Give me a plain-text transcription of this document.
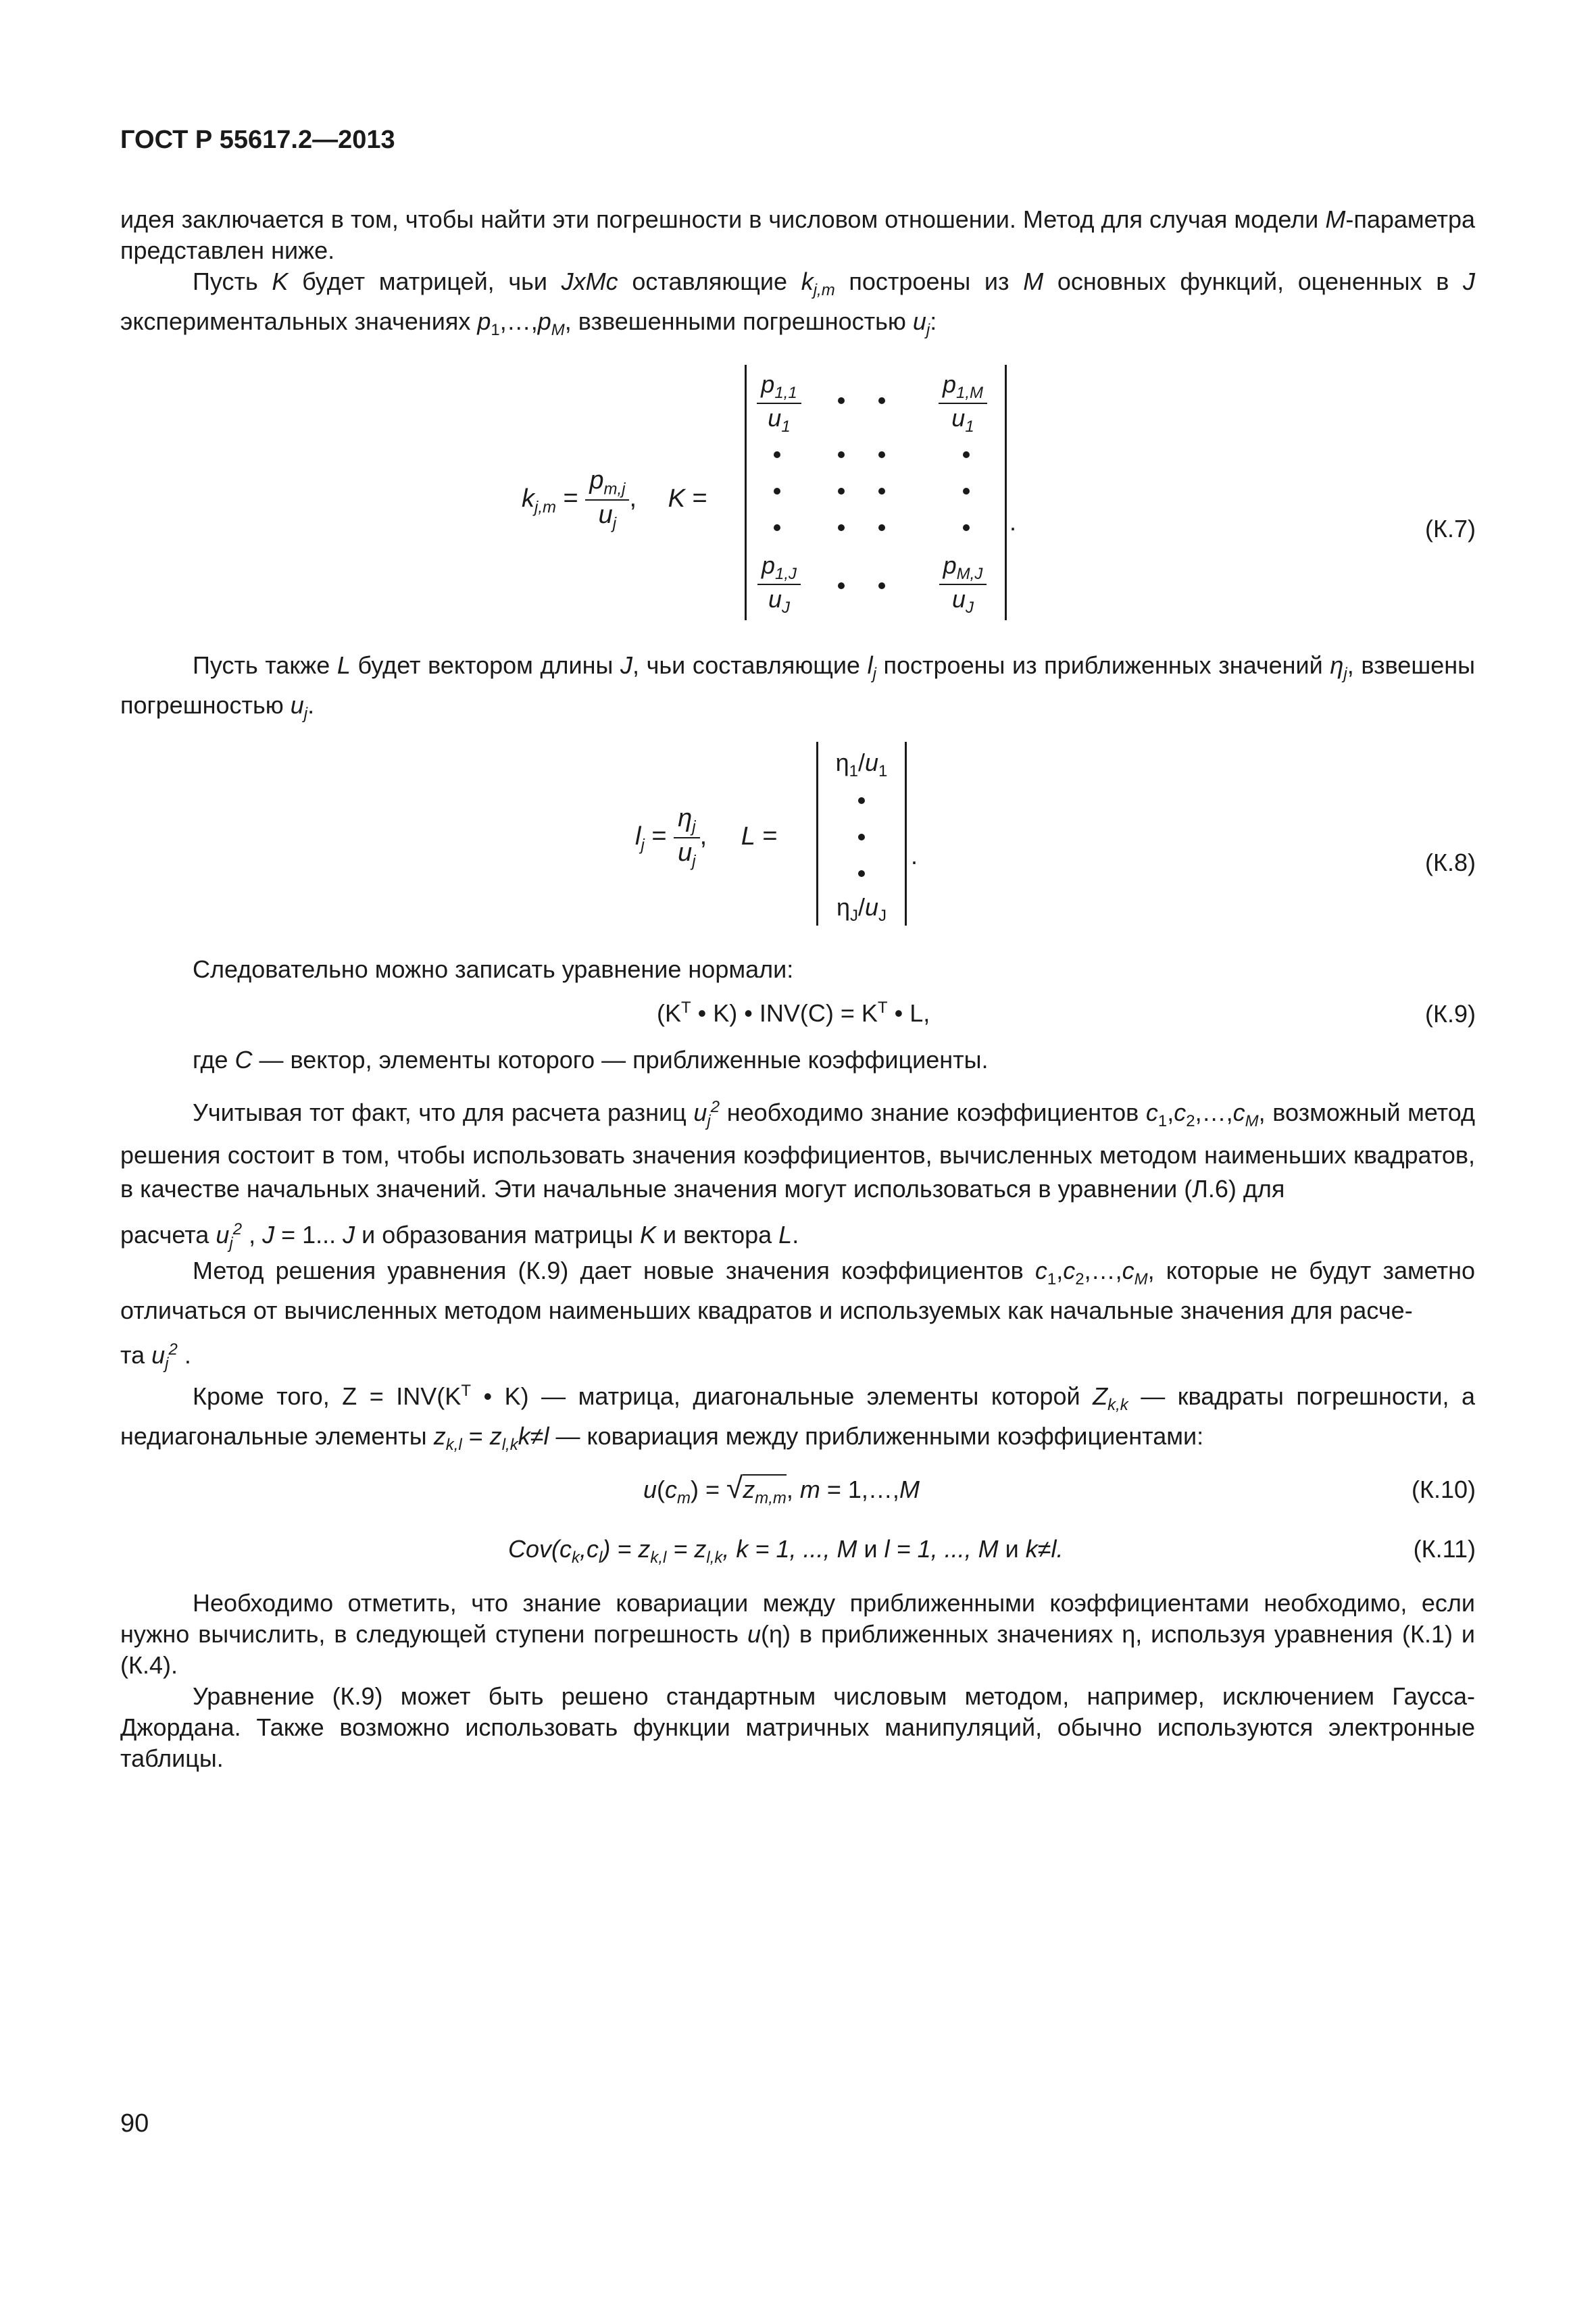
ГОСТ Р 55617.2—2013

идея заключается в том, чтобы найти эти погрешности в числовом отношении. Метод для случая модели M-параметра представлен ниже.

Пусть K будет матрицей, чьи JxMc оставляющие $k_{j,m}$ построены из M основных функций, оцененных в J экспериментальных значениях $p_1,\dots,p_M$, взвешенными погрешностью $u_j$:

$k_{j,m} = \frac{p_{m,j}}{u_j}$ , K =
$\frac{p_{1,1}}{u_1}$	$\frac{p_{1,M}}{u_1}$
$\frac{p_{1,J}}{u_J}$	$\frac{p_{M,J}}{u_J}$
.	(К.7)

Пусть также L будет вектором длины J, чьи составляющие $l_j$ построены из приближенных значений $\eta_j$, взвешены погрешностью $u_j$.

$l_j = \frac{\eta_j}{u_j}$ , L =
$\eta_1/u_1$
$\eta_J/u_J$
.	(К.8)

Следовательно можно записать уравнение нормали:

($K^T$ • K) • $INV(C) = K^T$ • L,	(К.9)

где C — вектор, элементы которого — приближенные коэффициенты.

Учитывая тот факт, что для расчета разниц $u_j^2$ необходимо знание коэффициентов $c_1,c_2,\dots,c_M$, возможный метод решения состоит в том, чтобы использовать значения коэффициентов, вычисленных методом наименьших квадратов, в качестве начальных значений. Эти начальные значения могут использоваться в уравнении (Л.6) для

расчета $u_j^2$ , J = 1... J и образования матрицы K и вектора L.

Метод решения уравнения (К.9) дает новые значения коэффициентов $c_1,c_2,\dots,c_M$, которые не будут заметно отличаться от вычисленных методом наименьших квадратов и используемых как начальные значения для расче-

та $u_j^2$ .

Кроме того, $Z = INV(K^T$ • K) — матрица, диагональные элементы которой $Z_{k,k}$ — квадраты погрешности, а недиагональные элементы $z_{k,l} = z_{l,k}k\ne l$ — ковариация между приближенными коэффициентами:

$u(c_m) = √z_{m,m}$, m = 1,…,M	(К.10)
$Cov(c_k,c_l) = z_{k,l} = z_{l,k}$, k = 1, ..., M и l = 1, ..., M и k≠l.	(К.11)

Необходимо отметить, что знание ковариации между приближенными коэффициентами необходимо, если нужно вычислить, в следующей ступени погрешность u(η) в приближенных значениях η, используя уравнения (К.1) и (К.4).

Уравнение (К.9) может быть решено стандартным числовым методом, например, исключением Гаусса-Джордана. Также возможно использовать функции матричных манипуляций, обычно используются электронные таблицы.

90
